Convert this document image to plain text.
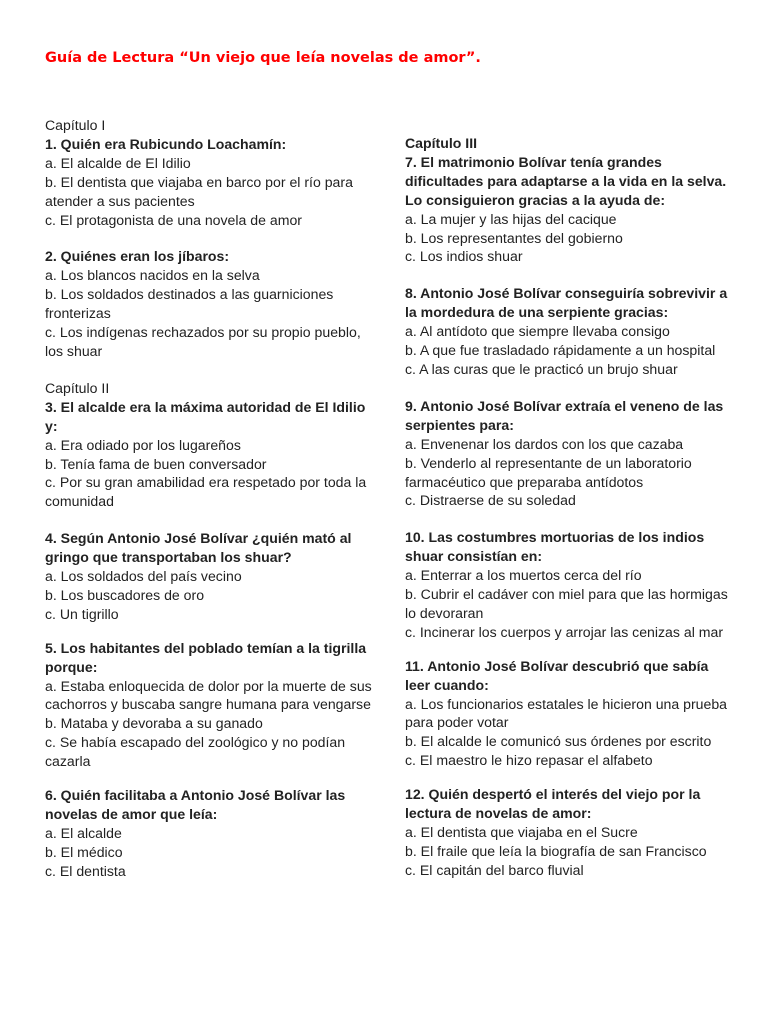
Guía de Lectura “Un viejo que leía novelas de amor”.

Capítulo I

1. Quién era Rubicundo Loachamín:

a. El alcalde de El Idilio

b. El dentista que viajaba en barco por el río para atender a sus pacientes

c. El protagonista de una novela de amor

2. Quiénes eran los jíbaros:

a. Los blancos nacidos en la selva

b. Los soldados destinados a las guarniciones fronterizas

c. Los indígenas rechazados por su propio pueblo, los shuar

Capítulo II

3. El alcalde era la máxima autoridad de El Idilio y:

a. Era odiado por los lugareños

b. Tenía fama de buen conversador

c. Por su gran amabilidad era respetado por toda la comunidad

4. Según Antonio José Bolívar ¿quién mató al gringo que transportaban los shuar?

a. Los soldados del país vecino

b. Los buscadores de oro

c. Un tigrillo

5. Los habitantes del poblado temían a la tigrilla porque:

a. Estaba enloquecida de dolor por la muerte de sus cachorros y buscaba sangre humana para vengarse

b. Mataba y devoraba a su ganado

c. Se había escapado del zoológico y no podían cazarla

6. Quién facilitaba a Antonio José Bolívar las novelas de amor que leía:

a. El alcalde

b. El médico

c. El dentista

Capítulo III

7. El matrimonio Bolívar tenía grandes dificultades para adaptarse a la vida en la selva. Lo consiguieron gracias a la ayuda de:

a. La mujer y las hijas del cacique

b. Los representantes del gobierno

c. Los indios shuar

8. Antonio José Bolívar conseguiría sobrevivir a la mordedura de una serpiente gracias:

a. Al antídoto que siempre llevaba consigo

b. A que fue trasladado rápidamente a un hospital

c. A las curas que le practicó un brujo shuar

9. Antonio José Bolívar extraía el veneno de las serpientes para:

a. Envenenar los dardos con los que cazaba

b. Venderlo al representante de un laboratorio farmacéutico que preparaba antídotos

c. Distraerse de su soledad

10. Las costumbres mortuorias de los indios shuar consistían en:

a. Enterrar a los muertos cerca del río

b. Cubrir el cadáver con miel para que las hormigas lo devoraran

c. Incinerar los cuerpos y arrojar las cenizas al mar

11. Antonio José Bolívar descubrió que sabía leer cuando:

a. Los funcionarios estatales le hicieron una prueba para poder votar

b. El alcalde le comunicó sus órdenes por escrito

c. El maestro le hizo repasar el alfabeto

12. Quién despertó el interés del viejo por la lectura de novelas de amor:

a. El dentista que viajaba en el Sucre

b. El fraile que leía la biografía de san Francisco

c. El capitán del barco fluvial
